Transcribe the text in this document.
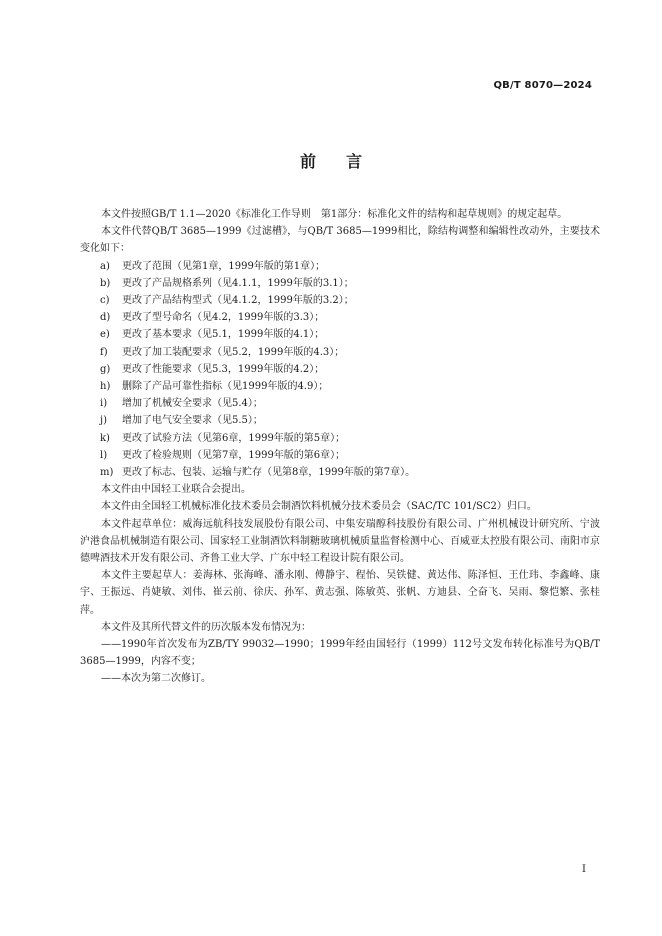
QB/T 8070—2024
前言

本文件按照GB/T 1.1—2020《标准化工作导则　第1部分：标准化文件的结构和起草规则》的规定起草。

本文件代替QB/T 3685—1999《过滤槽》，与QB/T 3685—1999相比，除结构调整和编辑性改动外，主要技术变化如下：

a)	更改了范围（见第1章，1999年版的第1章）；
b)	更改了产品规格系列（见4.1.1，1999年版的3.1）；
c)	更改了产品结构型式（见4.1.2，1999年版的3.2）；
d)	更改了型号命名（见4.2，1999年版的3.3）；
e)	更改了基本要求（见5.1，1999年版的4.1）；
f)	更改了加工装配要求（见5.2，1999年版的4.3）；
g)	更改了性能要求（见5.3，1999年版的4.2）；
h)	删除了产品可靠性指标（见1999年版的4.9）；
i)	增加了机械安全要求（见5.4）；
j)	增加了电气安全要求（见5.5）；
k)	更改了试验方法（见第6章，1999年版的第5章）；
l)	更改了检验规则（见第7章，1999年版的第6章）；
m) 更改了标志、包装、运输与贮存（见第8章，1999年版的第7章）。

本文件由中国轻工业联合会提出。

本文件由全国轻工机械标准化技术委员会制酒饮料机械分技术委员会（SAC/TC 101/SC2）归口。

本文件起草单位：威海远航科技发展股份有限公司、中集安瑞醇科技股份有限公司、广州机械设计研究所、宁波沪港食品机械制造有限公司、国家轻工业制酒饮料制糖玻璃机械质量监督检测中心、百威亚太控股有限公司、南阳市京德啤酒技术开发有限公司、齐鲁工业大学、广东中轻工程设计院有限公司。

本文件主要起草人：姜海林、张海峰、潘永刚、傅静宇、程怡、吴铁健、黄达伟、陈泽恒、王仕玮、李鑫峰、康宇、王振远、肖婕敏、刘伟、崔云前、徐庆、孙军、黄志强、陈敏英、张帆、方迪县、仝奋飞、吴雨、黎恺繁、张桂萍。

本文件及其所代替文件的历次版本发布情况为：

——1990年首次发布为ZB/TY 99032—1990；1999年经由国轻行（1999）112号文发布转化标准号为QB/T 3685—1999，内容不变；

——本次为第二次修订。

I
